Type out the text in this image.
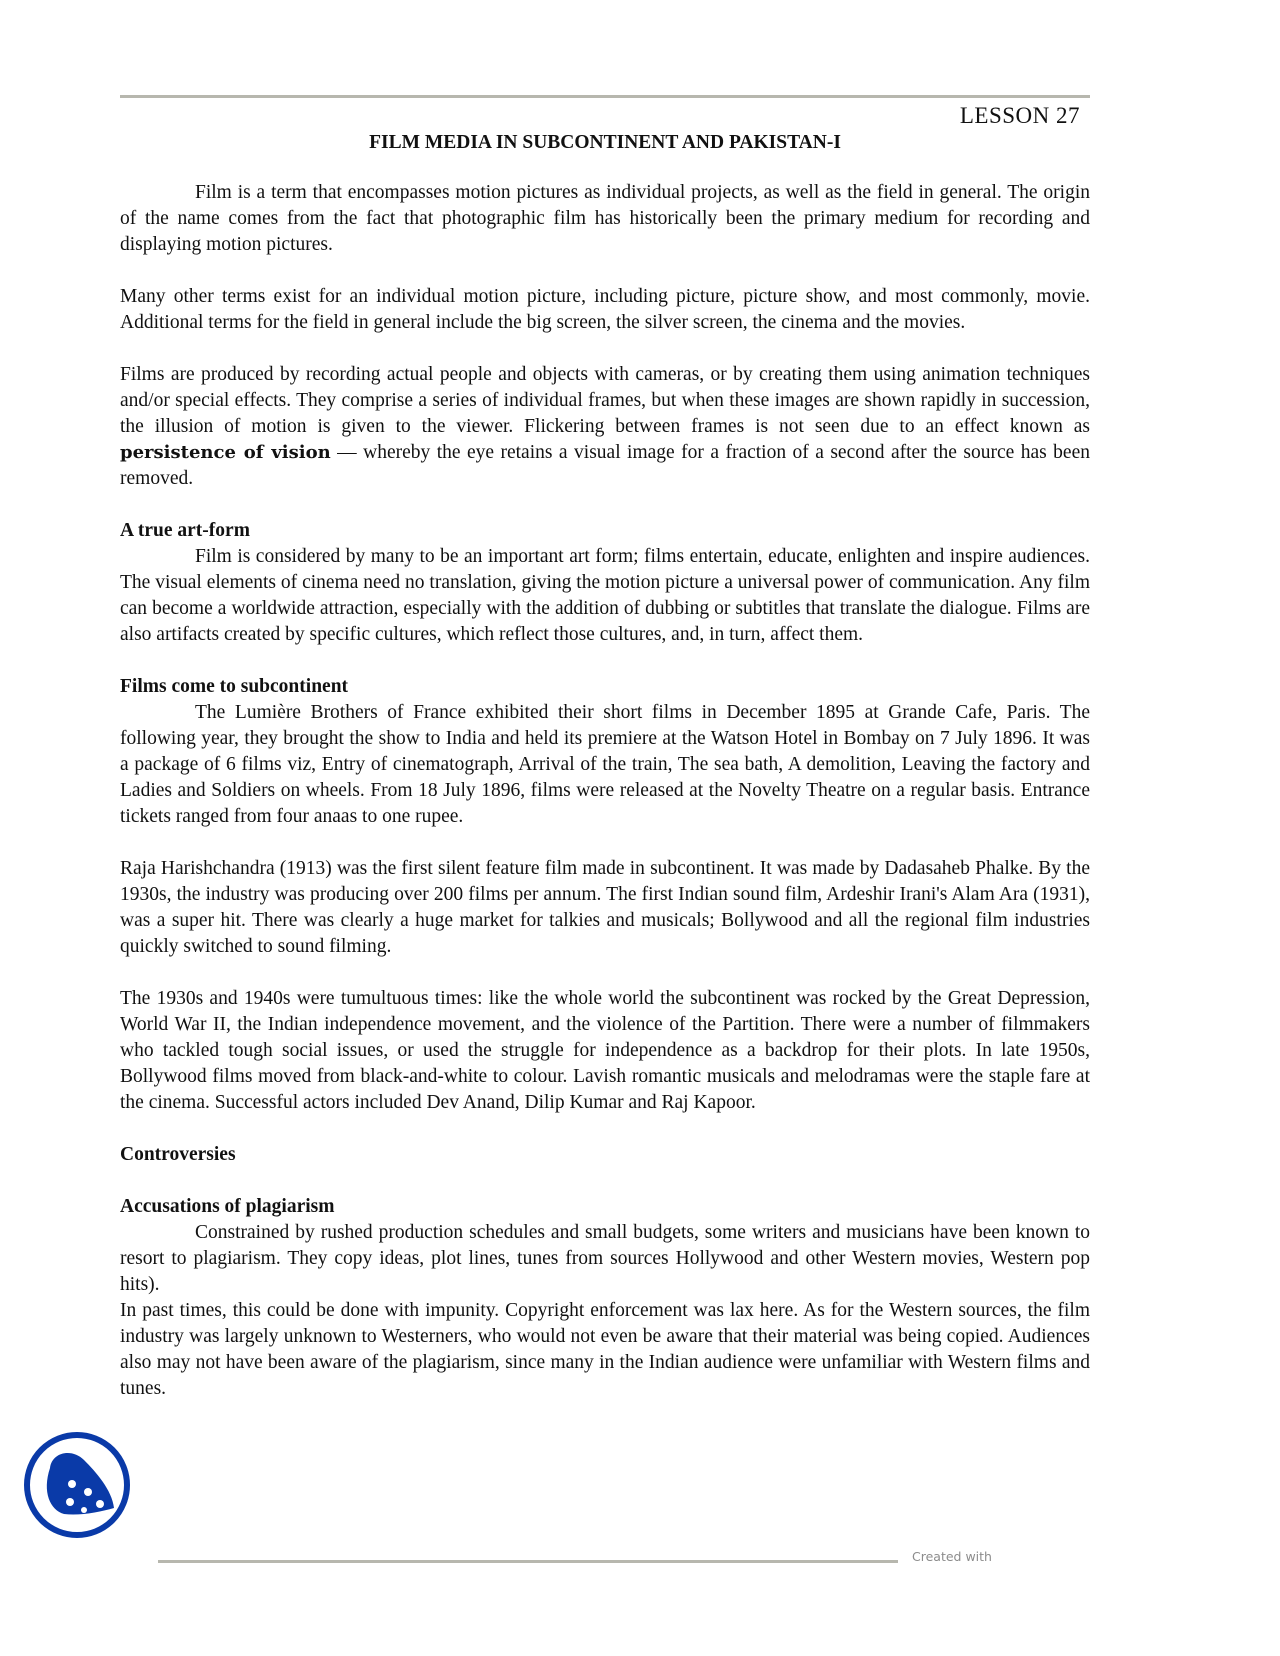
LESSON 27
FILM MEDIA IN SUBCONTINENT AND PAKISTAN-I

Film is a term that encompasses motion pictures as individual projects, as well as the field in general. The origin of the name comes from the fact that photographic film has historically been the primary medium for recording and displaying motion pictures.

Many other terms exist for an individual motion picture, including picture, picture show, and most commonly, movie. Additional terms for the field in general include the big screen, the silver screen, the cinema and the movies.

Films are produced by recording actual people and objects with cameras, or by creating them using animation techniques and/or special effects. They comprise a series of individual frames, but when these images are shown rapidly in succession, the illusion of motion is given to the viewer. Flickering between frames is not seen due to an effect known as persistence of vision — whereby the eye retains a visual image for a fraction of a second after the source has been removed.

A true art-form

Film is considered by many to be an important art form; films entertain, educate, enlighten and inspire audiences. The visual elements of cinema need no translation, giving the motion picture a universal power of communication. Any film can become a worldwide attraction, especially with the addition of dubbing or subtitles that translate the dialogue. Films are also artifacts created by specific cultures, which reflect those cultures, and, in turn, affect them.

Films come to subcontinent

The Lumière Brothers of France exhibited their short films in December 1895 at Grande Cafe, Paris. The following year, they brought the show to India and held its premiere at the Watson Hotel in Bombay on 7 July 1896. It was a package of 6 films viz, Entry of cinematograph, Arrival of the train, The sea bath, A demolition, Leaving the factory and Ladies and Soldiers on wheels. From 18 July 1896, films were released at the Novelty Theatre on a regular basis. Entrance tickets ranged from four anaas to one rupee.

Raja Harishchandra (1913) was the first silent feature film made in subcontinent. It was made by Dadasaheb Phalke. By the 1930s, the industry was producing over 200 films per annum. The first Indian sound film, Ardeshir Irani's Alam Ara (1931), was a super hit. There was clearly a huge market for talkies and musicals; Bollywood and all the regional film industries quickly switched to sound filming.

The 1930s and 1940s were tumultuous times: like the whole world the subcontinent was rocked by the Great Depression, World War II, the Indian independence movement, and the violence of the Partition. There were a number of filmmakers who tackled tough social issues, or used the struggle for independence as a backdrop for their plots. In late 1950s, Bollywood films moved from black-and-white to colour. Lavish romantic musicals and melodramas were the staple fare at the cinema. Successful actors included Dev Anand, Dilip Kumar and Raj Kapoor.

Controversies
Accusations of plagiarism

Constrained by rushed production schedules and small budgets, some writers and musicians have been known to resort to plagiarism. They copy ideas, plot lines, tunes from sources Hollywood and other Western movies, Western pop hits).

In past times, this could be done with impunity. Copyright enforcement was lax here. As for the Western sources, the film industry was largely unknown to Westerners, who would not even be aware that their material was being copied. Audiences also may not have been aware of the plagiarism, since many in the Indian audience were unfamiliar with Western films and tunes.

Created with
